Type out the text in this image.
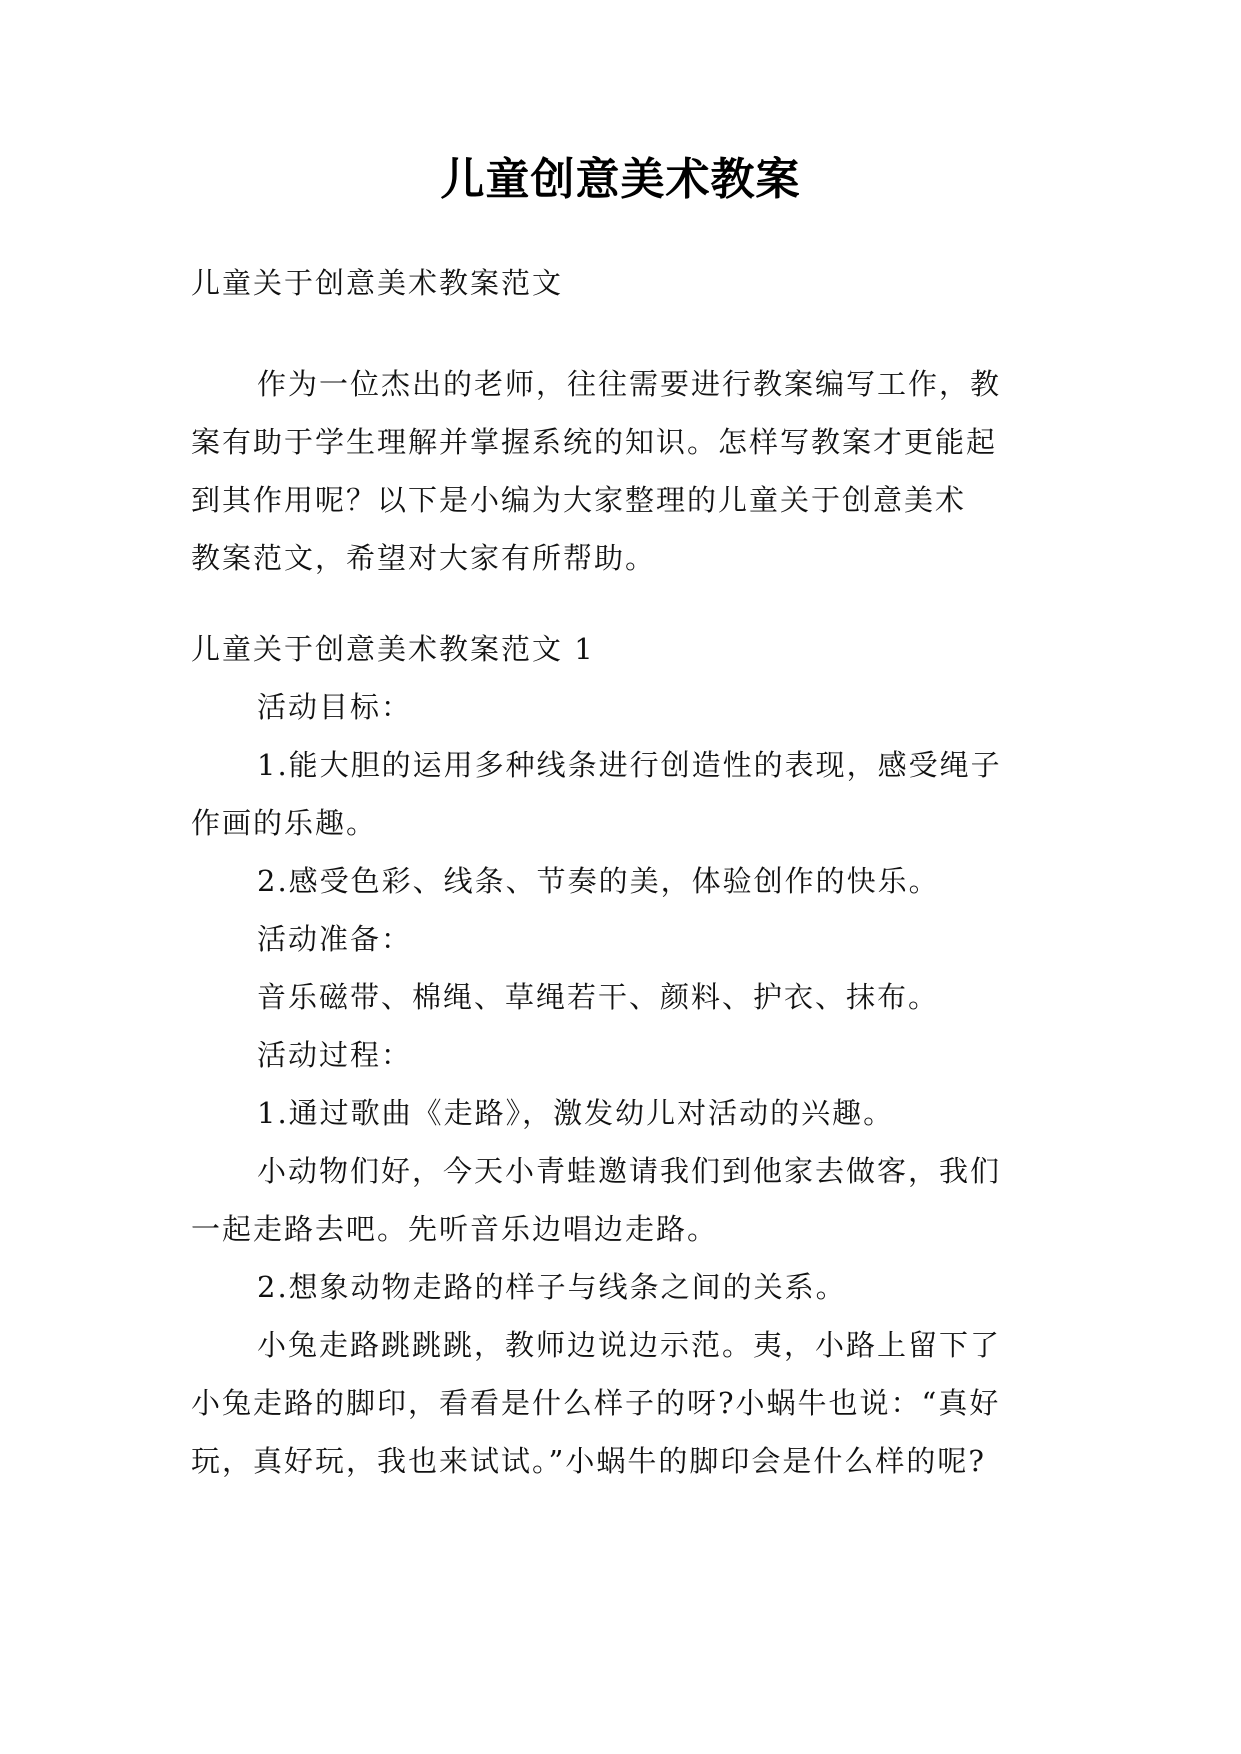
儿童创意美术教案
儿童关于创意美术教案范文
作为一位杰出的老师，往往需要进行教案编写工作，教
案有助于学生理解并掌握系统的知识。怎样写教案才更能起
到其作用呢？以下是小编为大家整理的儿童关于创意美术
教案范文，希望对大家有所帮助。
儿童关于创意美术教案范文 1
活动目标：
1.能大胆的运用多种线条进行创造性的表现，感受绳子
作画的乐趣。
2.感受色彩、线条、节奏的美，体验创作的快乐。
活动准备：
音乐磁带、棉绳、草绳若干、颜料、护衣、抹布。
活动过程：
1.通过歌曲《走路》，激发幼儿对活动的兴趣。
小动物们好，今天小青蛙邀请我们到他家去做客，我们
一起走路去吧。先听音乐边唱边走路。
2.想象动物走路的样子与线条之间的关系。
小兔走路跳跳跳，教师边说边示范。夷，小路上留下了
小兔走路的脚印，看看是什么样子的呀?小蜗牛也说：“真好
玩，真好玩，我也来试试。”小蜗牛的脚印会是什么样的呢?
